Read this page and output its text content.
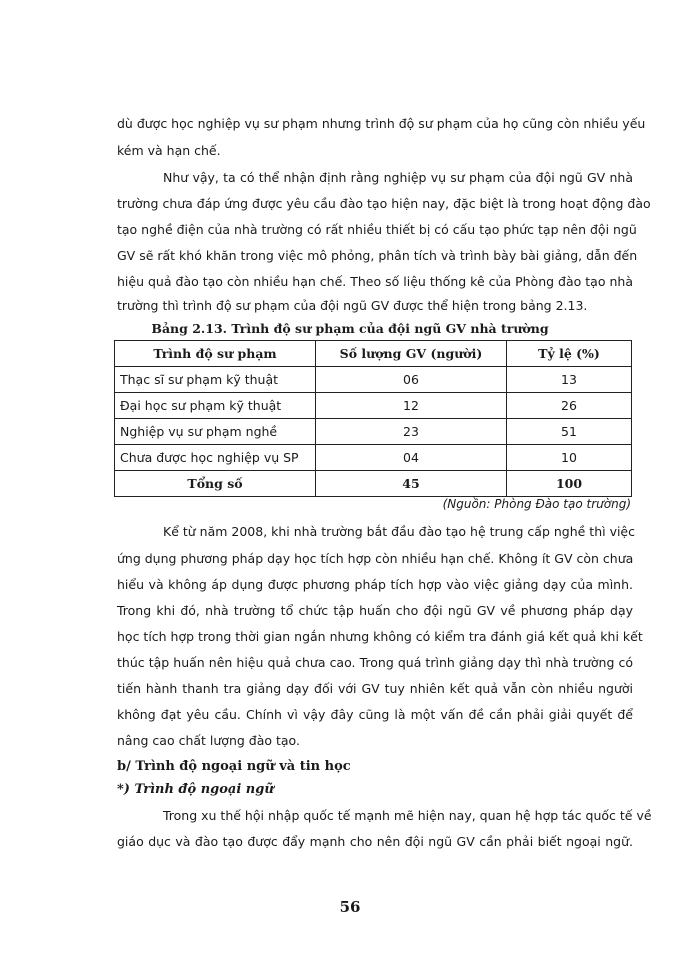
dù được học nghiệp vụ sư phạm nhưng trình độ sư phạm của họ cũng còn nhiều yếu
kém và hạn chế.
Như vậy, ta có thể nhận định rằng nghiệp vụ sư phạm của đội ngũ GV nhà
trường chưa đáp ứng được yêu cầu đào tạo hiện nay, đặc biệt là trong hoạt động đào
tạo nghề điện của nhà trường có rất nhiều thiết bị có cấu tạo phức tạp nên đội ngũ
GV sẽ rất khó khăn trong việc mô phỏng, phân tích và trình bày bài giảng, dẫn đến
hiệu quả đào tạo còn nhiều hạn chế. Theo số liệu thống kê của Phòng đào tạo nhà
trường thì trình độ sư phạm của đội ngũ GV được thể hiện trong bảng 2.13.
Bảng 2.13. Trình độ sư phạm của đội ngũ GV nhà trường
Trình độ sư phạm	Số lượng GV (người)	Tỷ lệ (%)
Thạc sĩ sư phạm kỹ thuật	06	13
Đại học sư phạm kỹ thuật	12	26
Nghiệp vụ sư phạm nghề	23	51
Chưa được học nghiệp vụ SP	04	10
Tổng số	45	100
(Nguồn: Phòng Đào tạo trường)
Kể từ năm 2008, khi nhà trường bắt đầu đào tạo hệ trung cấp nghề thì việc
ứng dụng phương pháp dạy học tích hợp còn nhiều hạn chế. Không ít GV còn chưa
hiểu và không áp dụng được phương pháp tích hợp vào việc giảng dạy của mình.
Trong khi đó, nhà trường tổ chức tập huấn cho đội ngũ GV về phương pháp dạy
học tích hợp trong thời gian ngắn nhưng không có kiểm tra đánh giá kết quả khi kết
thúc tập huấn nên hiệu quả chưa cao. Trong quá trình giảng dạy thì nhà trường có
tiến hành thanh tra giảng dạy đối với GV tuy nhiên kết quả vẫn còn nhiều người
không đạt yêu cầu. Chính vì vậy đây cũng là một vấn đề cần phải giải quyết để
nâng cao chất lượng đào tạo.
b/ Trình độ ngoại ngữ và tin học
*) Trình độ ngoại ngữ
Trong xu thế hội nhập quốc tế mạnh mẽ hiện nay, quan hệ hợp tác quốc tế về
giáo dục và đào tạo được đẩy mạnh cho nên đội ngũ GV cần phải biết ngoại ngữ.
56
